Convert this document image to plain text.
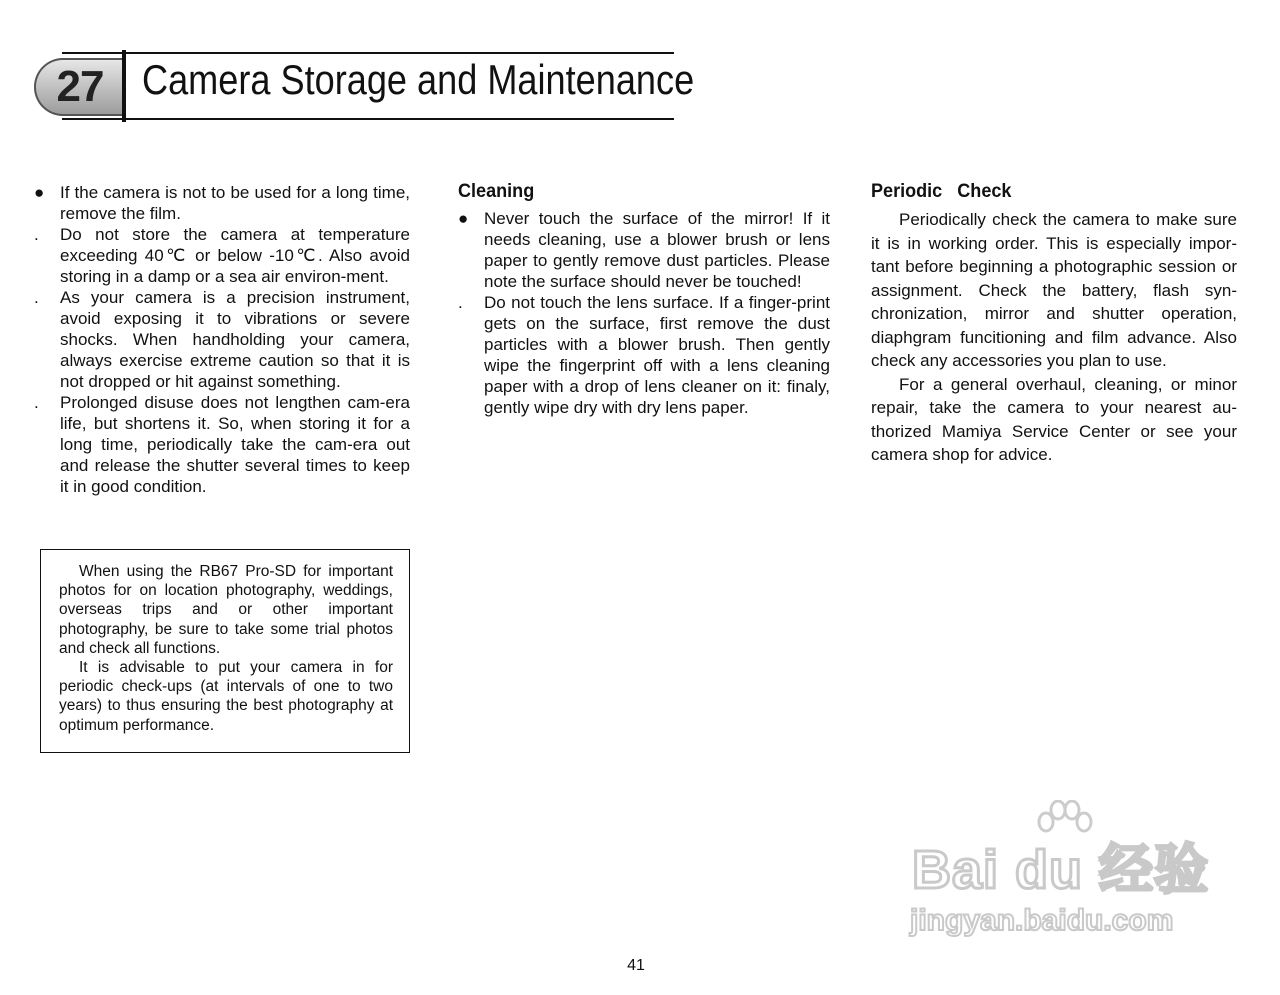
27 Camera Storage and Maintenance
● If the camera is not to be used for a long time, remove the film.
.	Do not store the camera at temperature exceeding 40℃ or below -10℃. Also avoid storing in a damp or a sea air environ-ment.
.	As your camera is a precision instrument, avoid exposing it to vibrations or severe shocks. When handholding your camera, always exercise extreme caution so that it is not dropped or hit against something.
.	Prolonged disuse does not lengthen cam-era life, but shortens it. So, when storing it for a long time, periodically take the cam-era out and release the shutter several times to keep it in good condition.

When using the RB67 Pro-SD for important photos for on location photography, weddings, overseas trips and or other important photography, be sure to take some trial photos and check all functions.

It is advisable to put your camera in for periodic check-ups (at intervals of one to two years) to thus ensuring the best photography at optimum performance.

Cleaning
● Never touch the surface of the mirror! If it needs cleaning, use a blower brush or lens paper to gently remove dust particles. Please note the surface should never be touched!
.	Do not touch the lens surface. If a finger-print gets on the surface, first remove the dust particles with a blower brush. Then gently wipe the fingerprint off with a lens cleaning paper with a drop of lens cleaner on it: finaly, gently wipe dry with dry lens paper.
Periodic   Check

Periodically check the camera to make sure it is in working order. This is especially impor-tant before beginning a photographic session or assignment. Check the battery, flash syn-chronization, mirror and shutter operation, diaphgram funcitioning and film advance. Also check any accessories you plan to use.

For a general overhaul, cleaning, or minor repair, take the camera to your nearest au-thorized Mamiya Service Center or see your camera shop for advice.

41
Bai du 经验
jingyan.baidu.com
